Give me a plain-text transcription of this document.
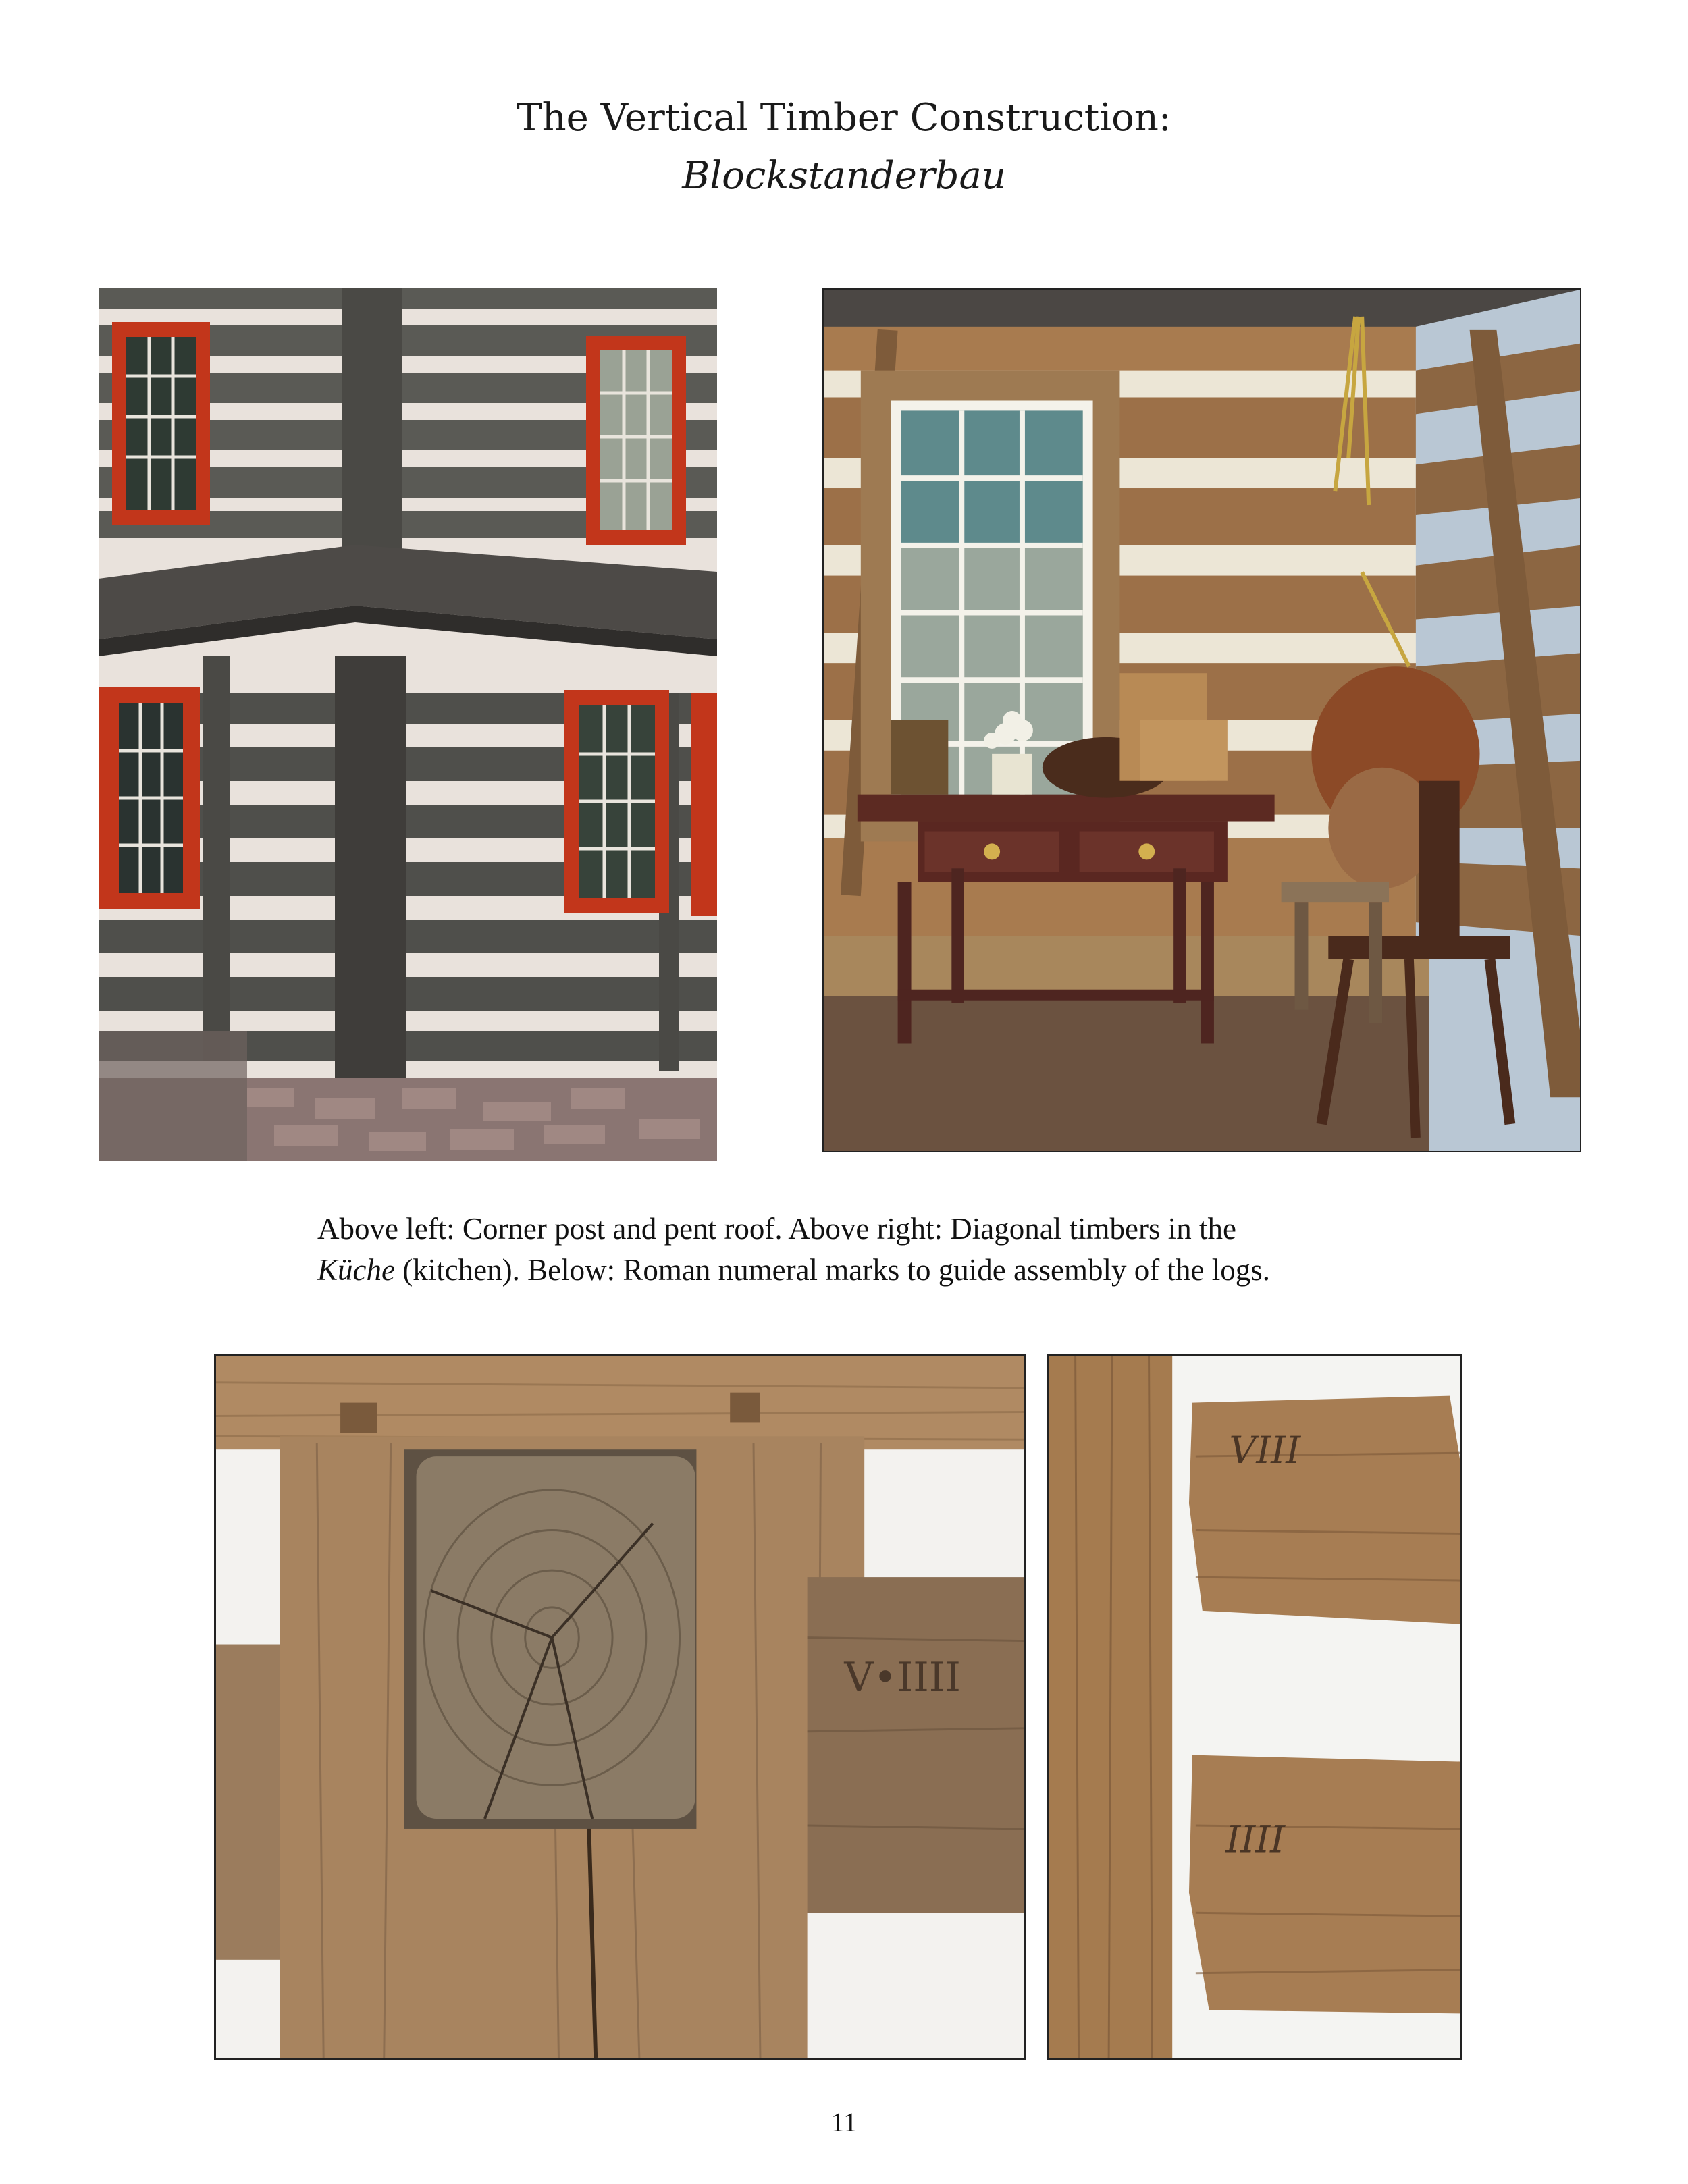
The Vertical Timber Construction:
Blockstanderbau
Above left: Corner post and pent roof. Above right: Diagonal timbers in the
Küche (kitchen). Below: Roman numeral marks to guide assembly of the logs.
V•IIII
VIII
IIII
11
